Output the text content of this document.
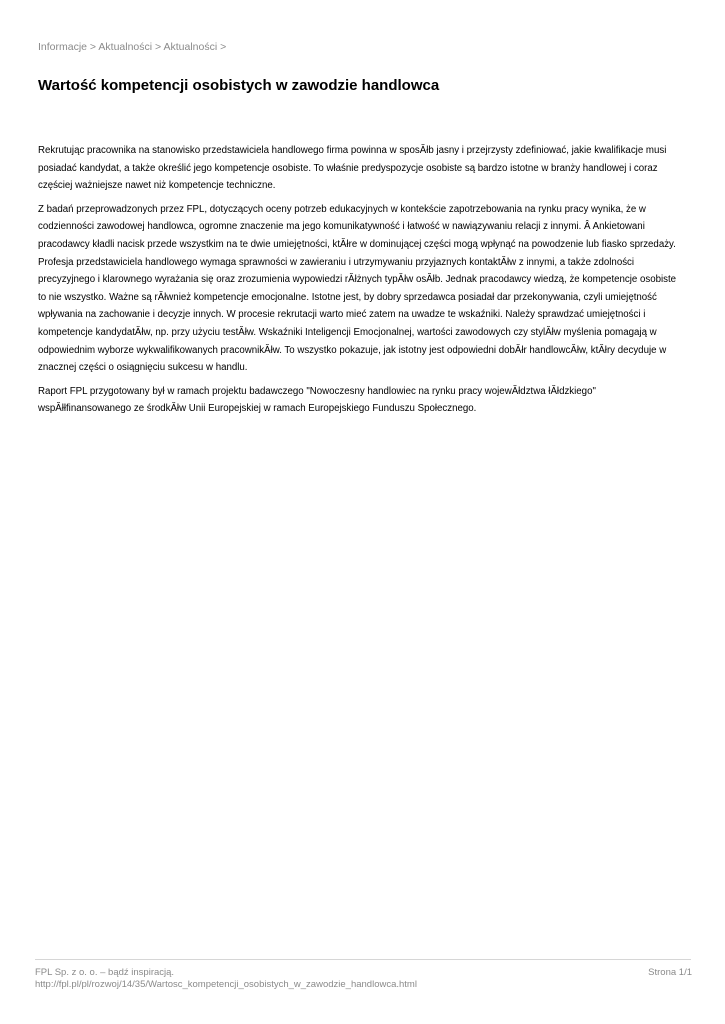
Informacje > Aktualności > Aktualności >
Wartość kompetencji osobistych w zawodzie handlowca

Rekrutując pracownika na stanowisko przedstawiciela handlowego firma powinna w sposĂłb jasny i przejrzysty zdefiniować, jakie kwalifikacje musi posiadać kandydat, a także określić jego kompetencje osobiste. To właśnie predyspozycje osobiste są bardzo istotne w branży handlowej i coraz częściej ważniejsze nawet niż kompetencje techniczne.

Z badań przeprowadzonych przez FPL, dotyczących oceny potrzeb edukacyjnych w kontekście zapotrzebowania na rynku pracy wynika, że w codzienności zawodowej handlowca, ogromne znaczenie ma jego komunikatywność i łatwość w nawiązywaniu relacji z innymi. Â Ankietowani pracodawcy kładli nacisk przede wszystkim na te dwie umiejętności, ktĂłre w dominującej części mogą wpłynąć na powodzenie lub fiasko sprzedaży. Profesja przedstawiciela handlowego wymaga sprawności w zawieraniu i utrzymywaniu przyjaznych kontaktĂłw z innymi, a także zdolności precyzyjnego i klarownego wyrażania się oraz zrozumienia wypowiedzi rĂłżnych typĂłw osĂłb. Jednak pracodawcy wiedzą, że kompetencje osobiste to nie wszystko. Ważne są rĂłwnież kompetencje emocjonalne. Istotne jest, by dobry sprzedawca posiadał dar przekonywania, czyli umiejętność wpływania na zachowanie i decyzje innych. W procesie rekrutacji warto mieć zatem na uwadze te wskaźniki. Należy sprawdzać umiejętności i kompetencje kandydatĂłw, np. przy użyciu testĂłw. Wskaźniki Inteligencji Emocjonalnej, wartości zawodowych czy stylĂłw myślenia pomagają w odpowiednim wyborze wykwalifikowanych pracownikĂłw. To wszystko pokazuje, jak istotny jest odpowiedni dobĂłr handlowcĂłw, ktĂłry decyduje w znacznej części o osiągnięciu sukcesu w handlu.

Raport FPL przygotowany był w ramach projektu badawczego "Nowoczesny handlowiec na rynku pracy wojewĂłdztwa łĂłdzkiego" wspĂłłfinansowanego ze środkĂłw Unii Europejskiej w ramach Europejskiego Funduszu Społecznego.

FPL Sp. z o. o. – bądź inspiracją.
http://fpl.pl/pl/rozwoj/14/35/Wartosc_kompetencji_osobistych_w_zawodzie_handlowca.html
Strona 1/1
